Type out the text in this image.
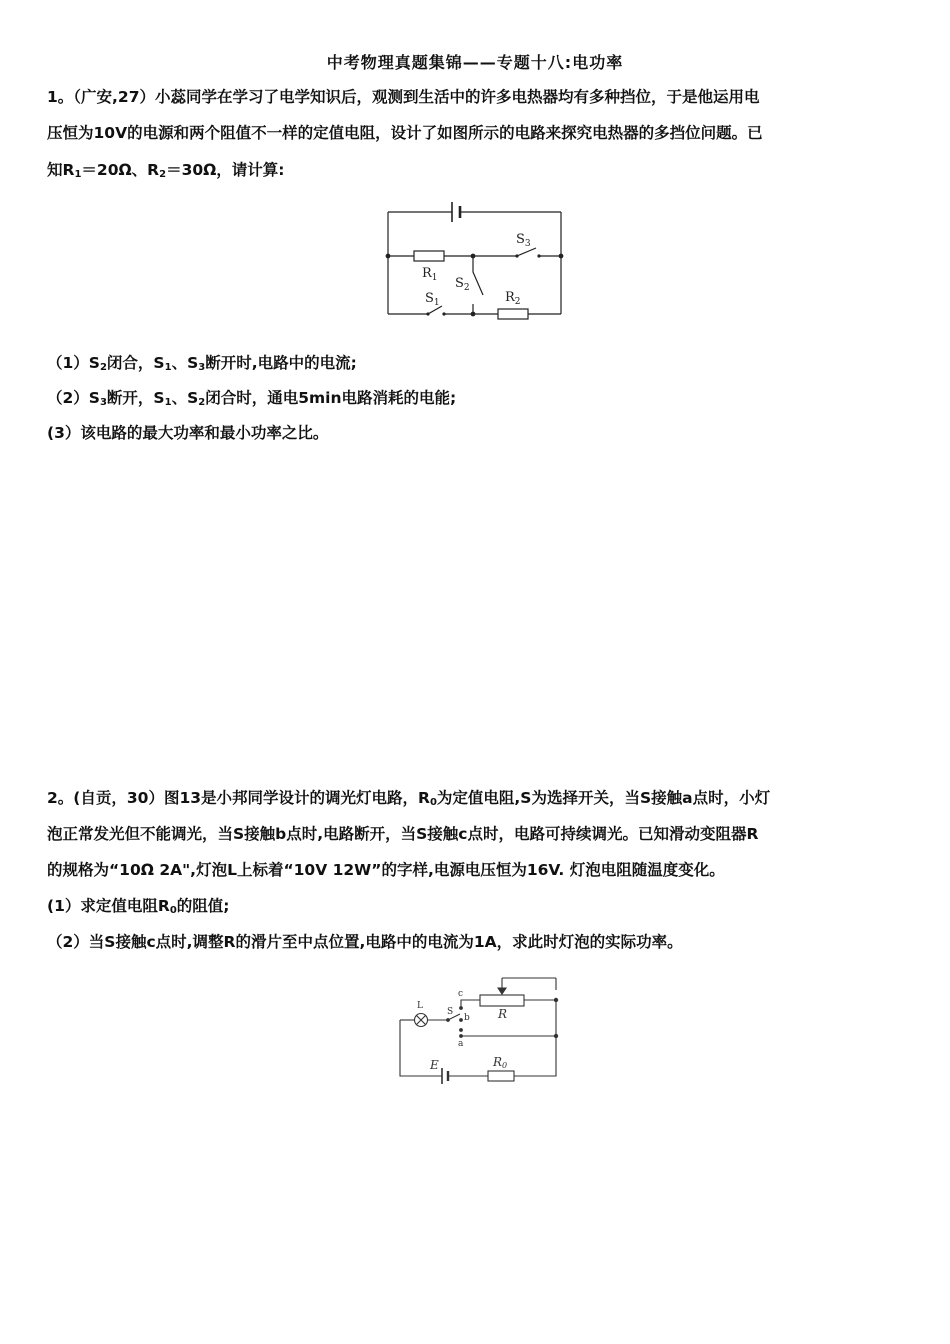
中考物理真题集锦——专题十八:电功率
1。（广安,27）小蕊同学在学习了电学知识后，观测到生活中的许多电热器均有多种挡位，于是他运用电
压恒为10V的电源和两个阻值不一样的定值电阻，设计了如图所示的电路来探究电热器的多挡位问题。已
知$R_1=20\Omega$、$R_2=30\Omega$，请计算:
$R_1$
$S_3$
$S_2$
$S_1$	$R_2$
$(1)S_2$闭合，$S_1$、$S_3$断开时,电路中的电流;
$(2)S_3$断开，$S_1$、$S_2$闭合时，通电5min电路消耗的电能;
(3）该电路的最大功率和最小功率之比。
2。(自贡，30）图13是小邦同学设计的调光灯电路，$R_0$为定值电阻,S为选择开关，当S接触a点时，小灯
泡正常发光但不能调光，当S接触b点时,电路断开，当S接触c点时，电路可持续调光。已知滑动变阻器R
的规格为“10Ω 2A",灯泡L上标着“10V 12W”的字样,电源电压恒为16V. 灯泡电阻随温度变化。
(1）求定值电阻$R_0$的阻值;
（2）当S接触c点时,调整R的滑片至中点位置,电路中的电流为1A，求此时灯泡的实际功率。
c
b
a
S
L
R
E	R0
